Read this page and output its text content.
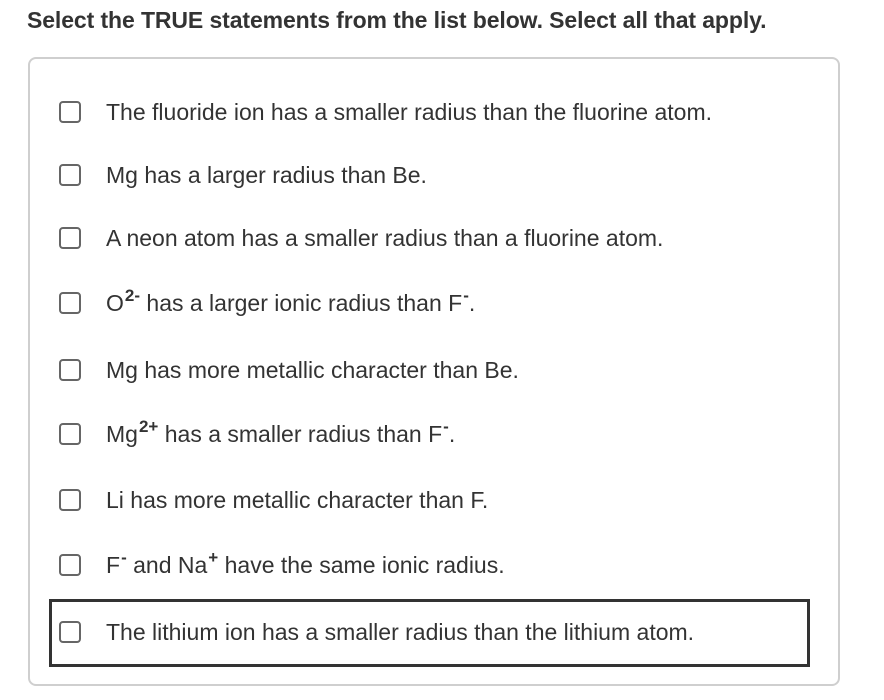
Select the TRUE statements from the list below. Select all that apply.
The fluoride ion has a smaller radius than the fluorine atom.
Mg has a larger radius than Be.
A neon atom has a smaller radius than a fluorine atom.
$O^{2-}$ has a larger ionic radius than F-.
Mg has more metallic character than Be.
$Mg^{2+}$ has a smaller radius than F-.
Li has more metallic character than F.
F- and Na+ have the same ionic radius.
The lithium ion has a smaller radius than the lithium atom.
